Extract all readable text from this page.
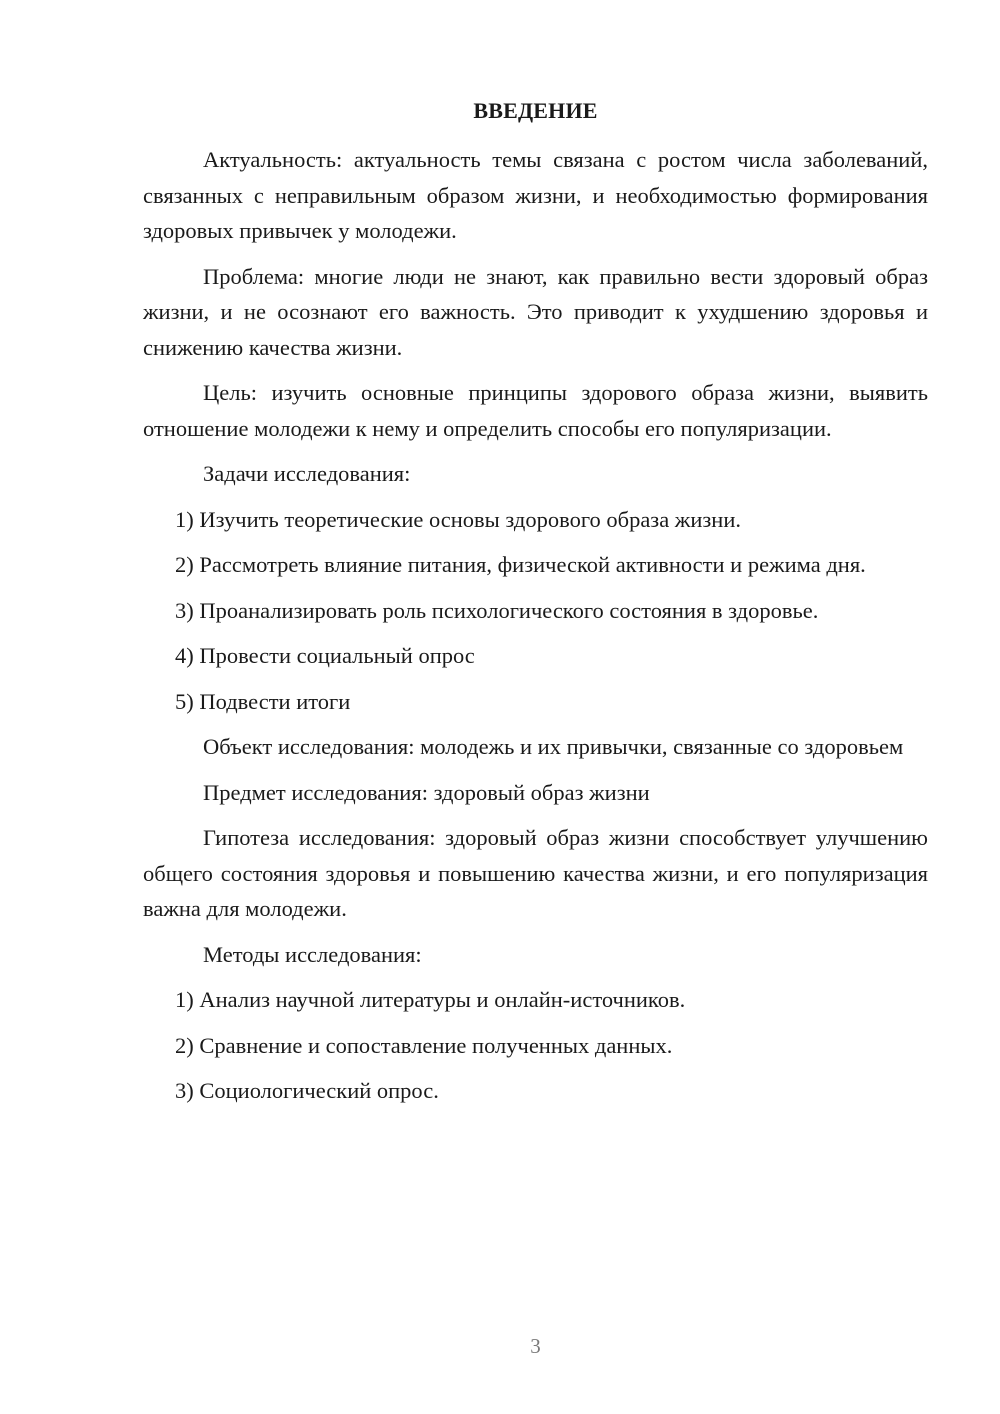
ВВЕДЕНИЕ

Актуальность: актуальность темы связана с ростом числа заболеваний, связанных с неправильным образом жизни, и необходимостью формирования здоровых привычек у молодежи.

Проблема: многие люди не знают, как правильно вести здоровый образ жизни, и не осознают его важность. Это приводит к ухудшению здоровья и снижению качества жизни.

Цель: изучить основные принципы здорового образа жизни, выявить отношение молодежи к нему и определить способы его популяризации.

Задачи исследования:

1) Изучить теоретические основы здорового образа жизни.

2) Рассмотреть влияние питания, физической активности и режима дня.

3) Проанализировать роль психологического состояния в здоровье.

4) Провести социальный опрос

5) Подвести итоги

Объект исследования: молодежь и их привычки, связанные со здоровьем

Предмет исследования: здоровый образ жизни

Гипотеза исследования: здоровый образ жизни способствует улучшению общего состояния здоровья и повышению качества жизни, и его популяризация важна для молодежи.

Методы исследования:

1) Анализ научной литературы и онлайн-источников.

2) Сравнение и сопоставление полученных данных.

3) Социологический опрос.

3
